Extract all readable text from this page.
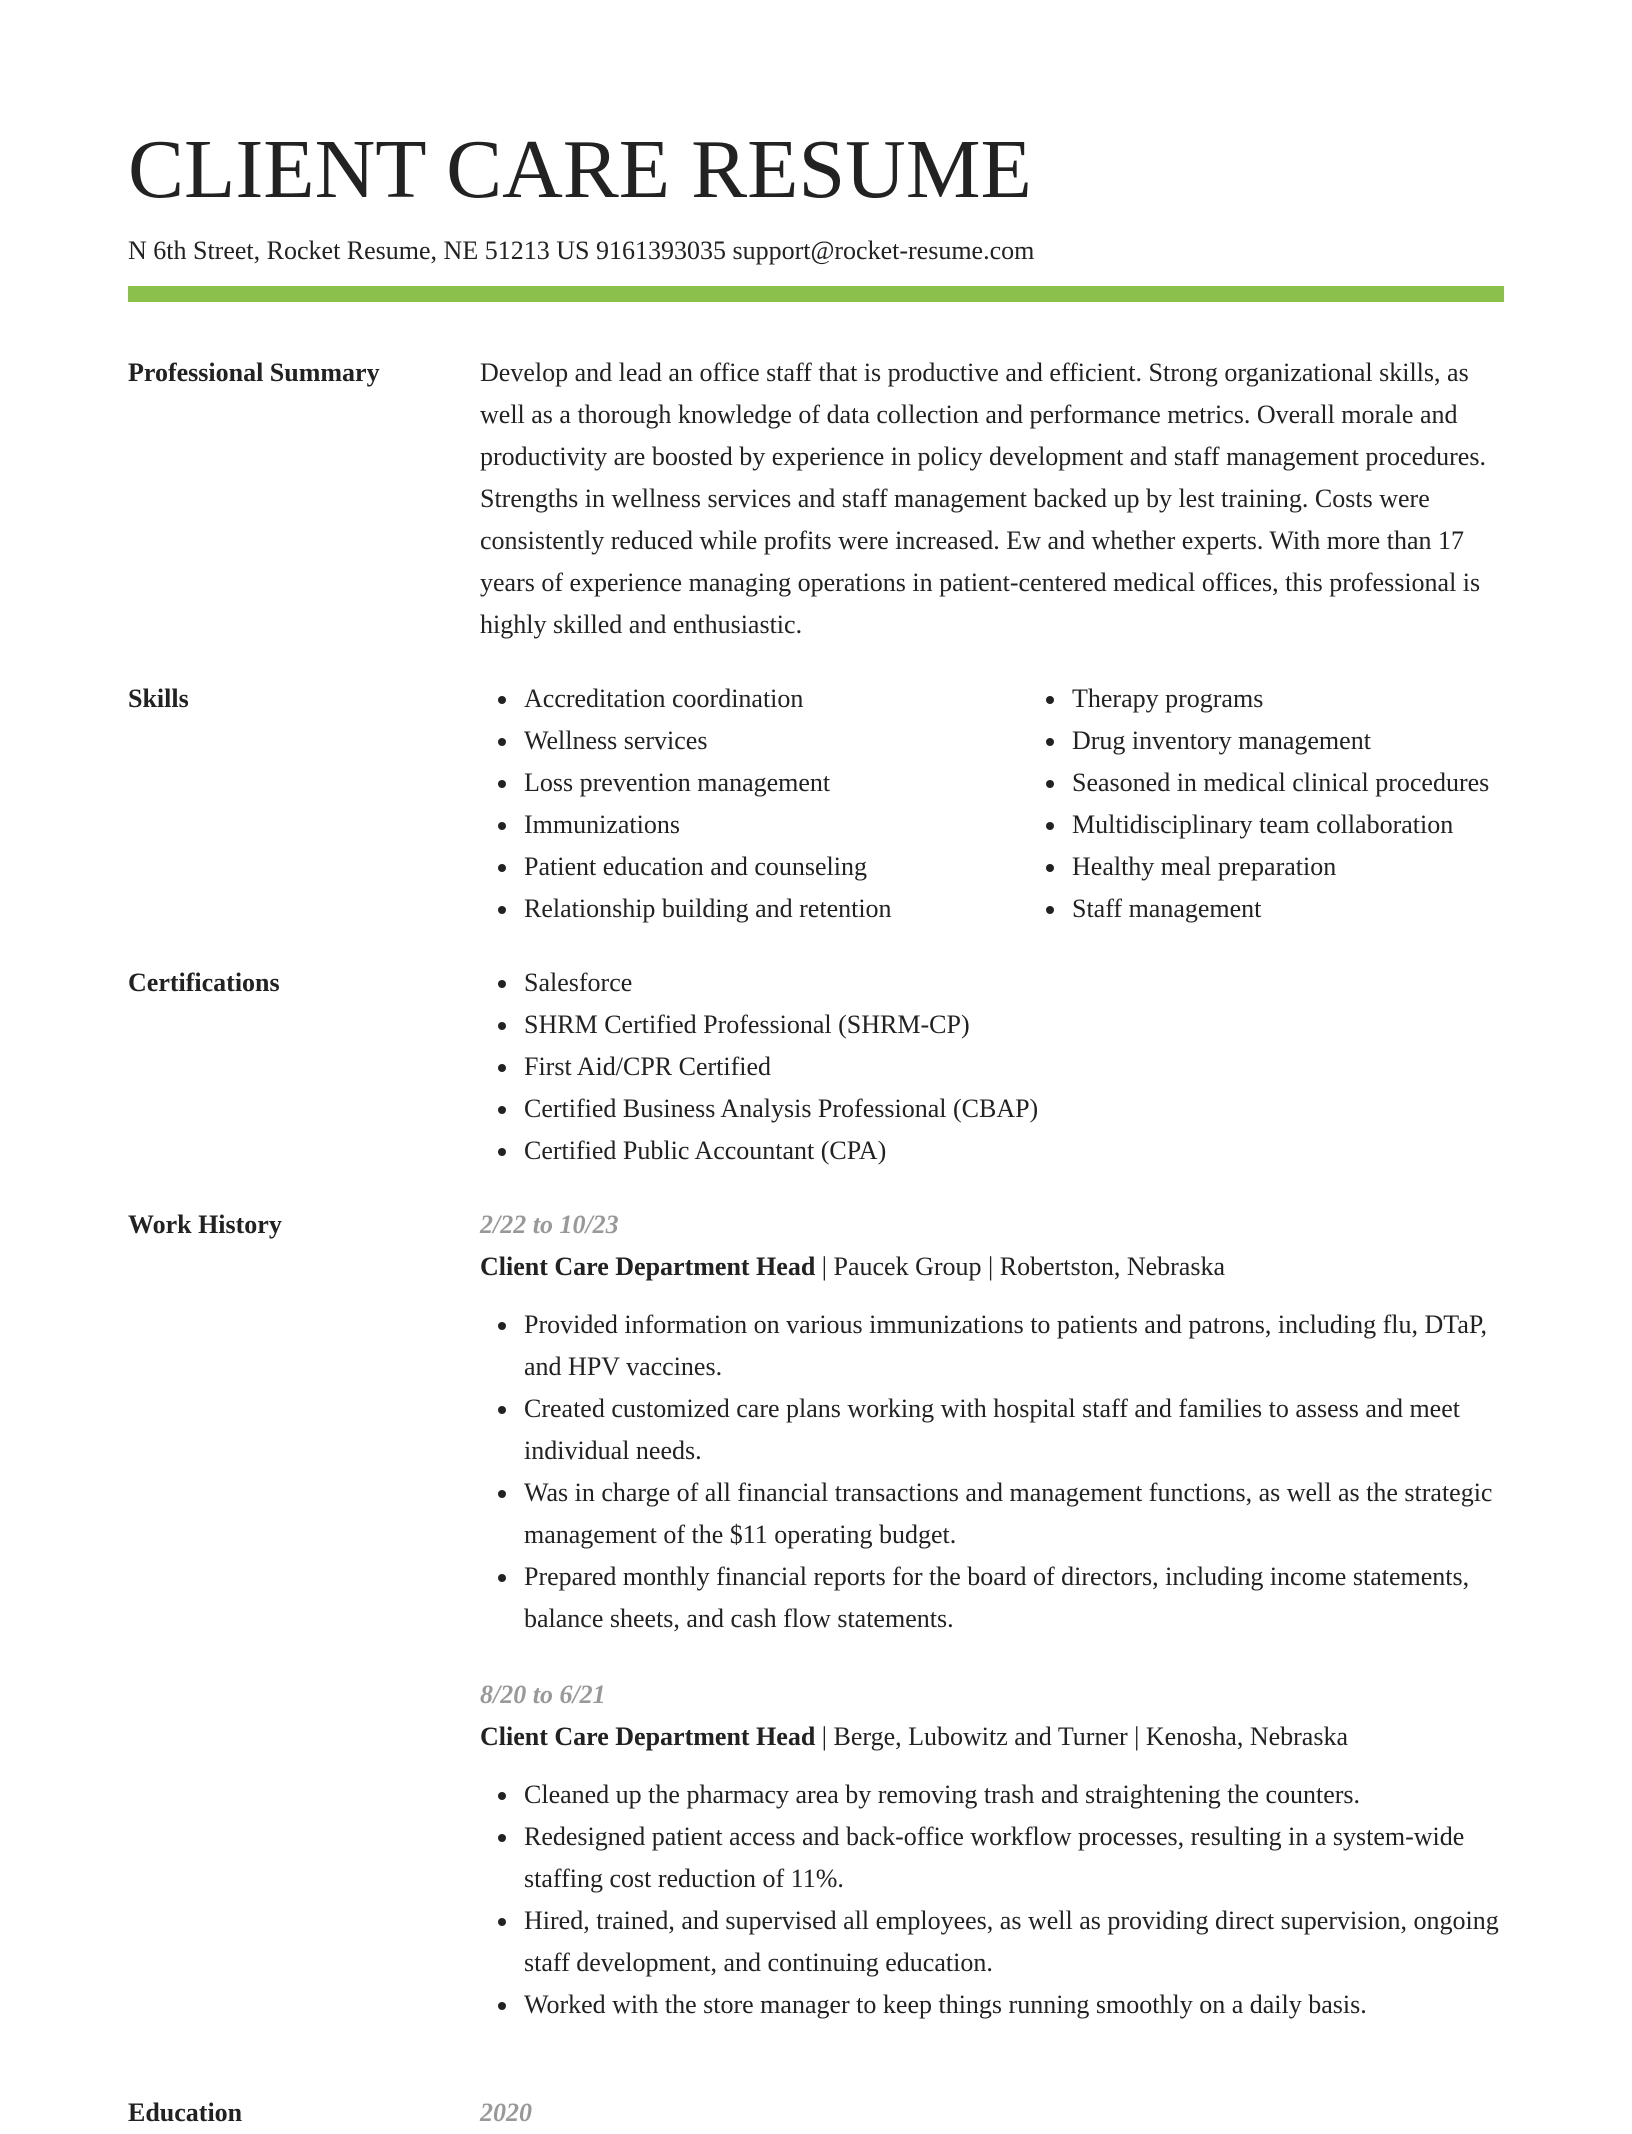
CLIENT CARE RESUME
N 6th Street, Rocket Resume, NE 51213 US 9161393035 support@rocket-resume.com
Professional Summary	Develop and lead an office staff that is productive and efficient. Strong organizational skills, as well as a thorough knowledge of data collection and performance metrics. Overall morale and productivity are boosted by experience in policy development and staff management procedures. Strengths in wellness services and staff management backed up by lest training. Costs were consistently reduced while profits were increased. Ew and whether experts. With more than 17 years of experience managing operations in patient-centered medical offices, this professional is highly skilled and enthusiastic.

Skills	Accreditation coordination
Wellness services
Loss prevention management
Immunizations
Patient education and counseling
Relationship building and retention
Therapy programs
Drug inventory management
Seasoned in medical clinical procedures
Multidisciplinary team collaboration
Healthy meal preparation
Staff management
Certifications	Salesforce
SHRM Certified Professional (SHRM-CP)
First Aid/CPR Certified
Certified Business Analysis Professional (CBAP)
Certified Public Accountant (CPA)
Work History	2/22 to 10/23
Client Care Department Head | Paucek Group | Robertston, Nebraska
Provided information on various immunizations to patients and patrons, including flu, DTaP, and HPV vaccines.
Created customized care plans working with hospital staff and families to assess and meet individual needs.
Was in charge of all financial transactions and management functions, as well as the strategic management of the $11 operating budget.
Prepared monthly financial reports for the board of directors, including income statements, balance sheets, and cash flow statements.
8/20 to 6/21
Client Care Department Head | Berge, Lubowitz and Turner | Kenosha, Nebraska
Cleaned up the pharmacy area by removing trash and straightening the counters.
Redesigned patient access and back-office workflow processes, resulting in a system-wide staffing cost reduction of 11%.
Hired, trained, and supervised all employees, as well as providing direct supervision, ongoing staff development, and continuing education.
Worked with the store manager to keep things running smoothly on a daily basis.
Education	2020
